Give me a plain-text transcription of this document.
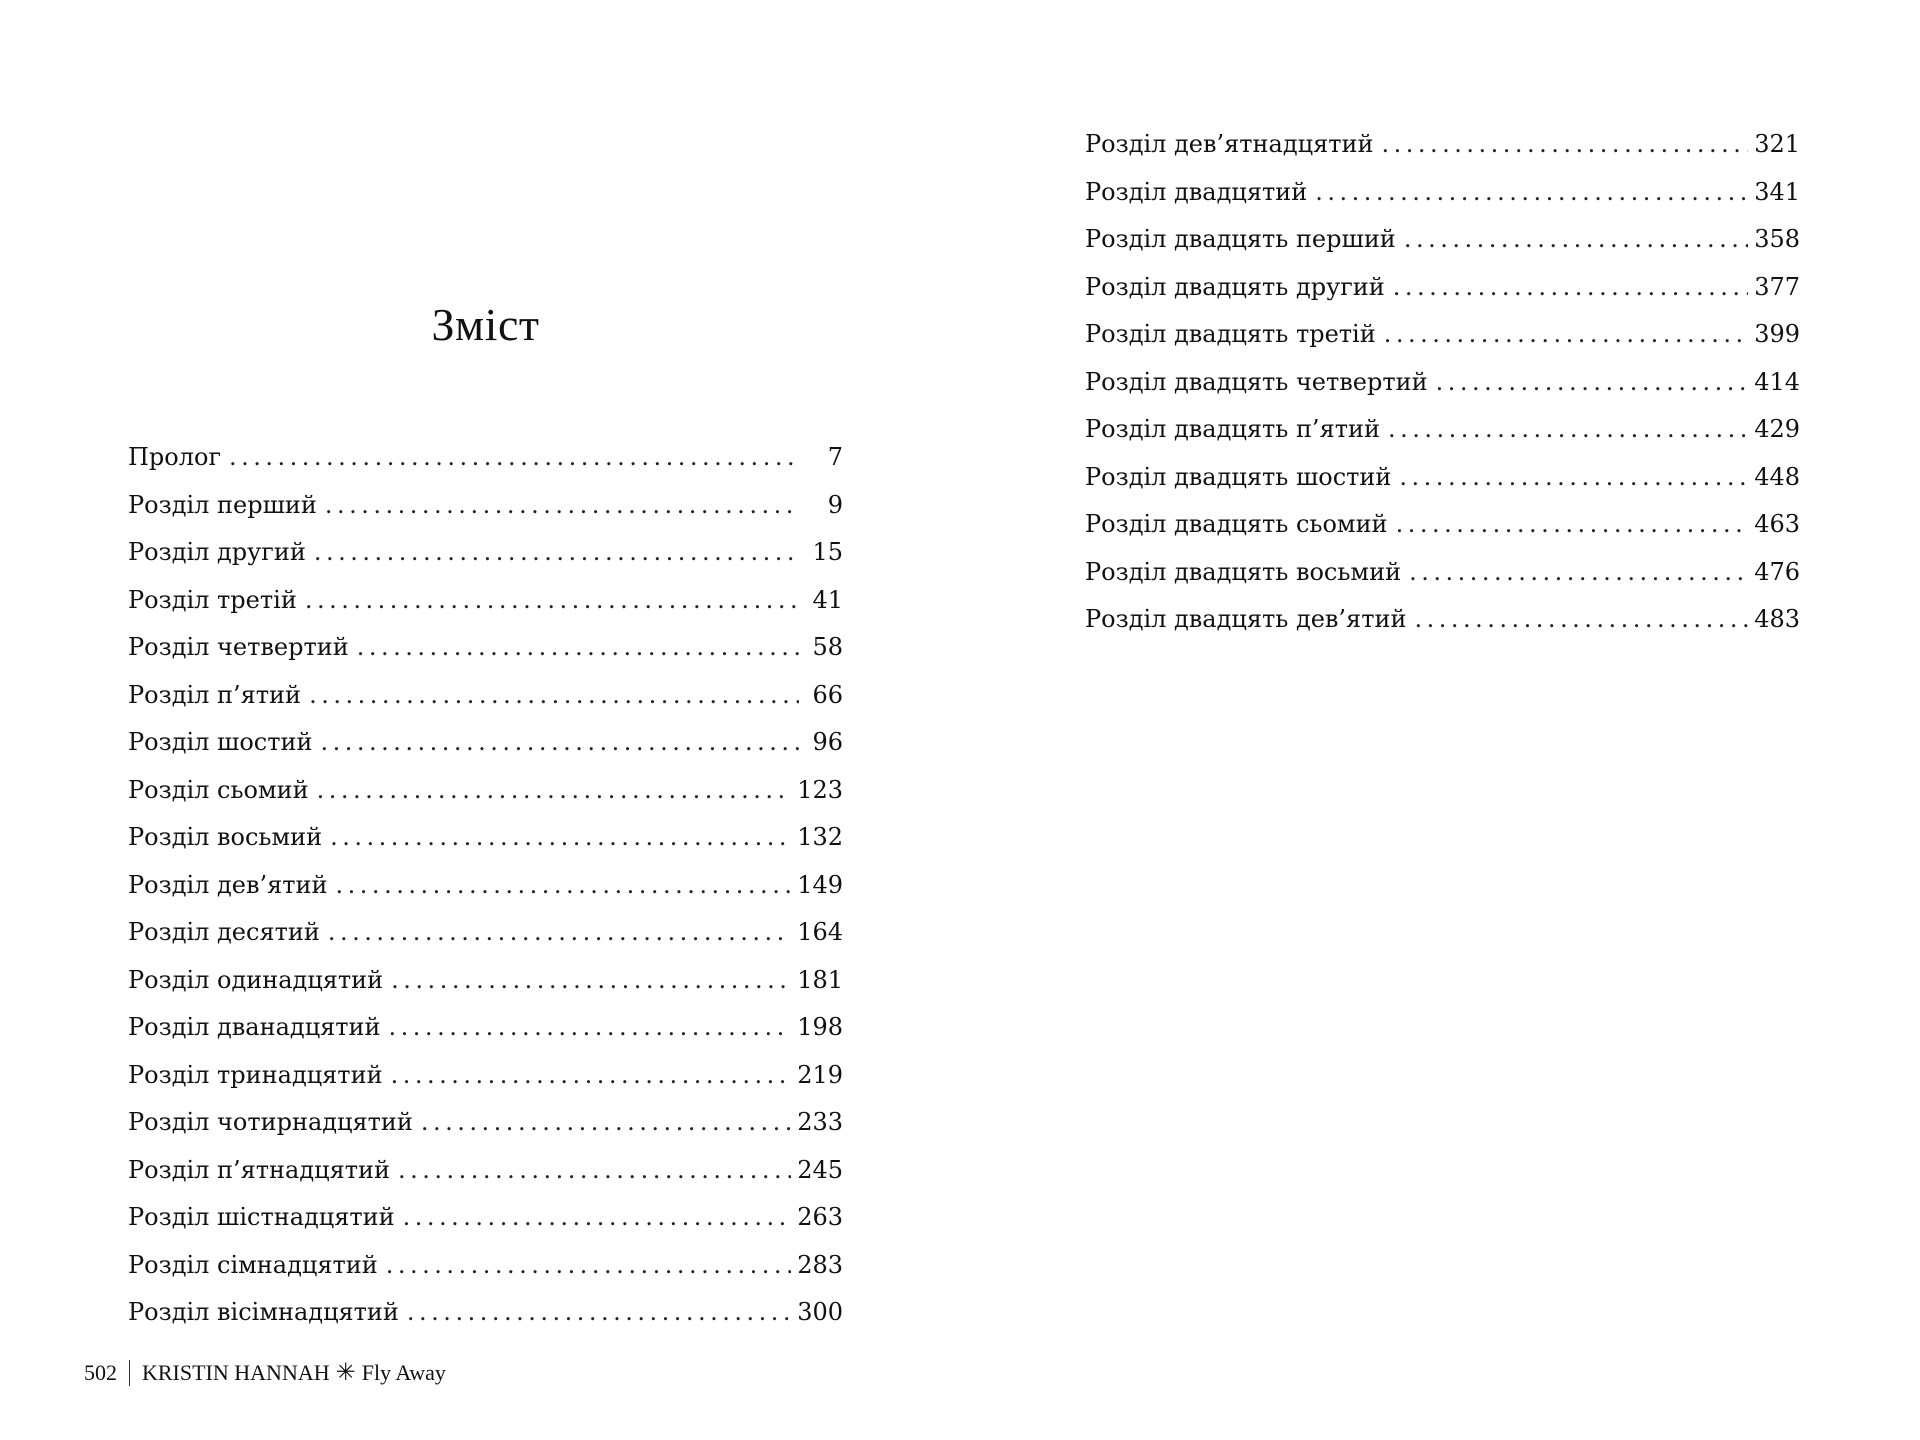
Зміст
Пролог .....	7
Розділ перший .....	9
Розділ другий .....	15
Розділ третій .....	41
Розділ четвертий .....	58
Розділ п’ятий .....	66
Розділ шостий .....	96
Розділ сьомий .....	123
Розділ восьмий .....	132
Розділ дев’ятий .....	149
Розділ десятий .....	164
Розділ одинадцятий .....	181
Розділ дванадцятий .....	198
Розділ тринадцятий .....	219
Розділ чотирнадцятий .....	233
Розділ п’ятнадцятий .....	245
Розділ шістнадцятий .....	263
Розділ сімнадцятий .....	283
Розділ вісімнадцятий .....	300
502 KRISTIN HANNAH ✳ Fly Away
Розділ дев’ятнадцятий .....	321
Розділ двадцятий .....	341
Розділ двадцять перший .....	358
Розділ двадцять другий .....	377
Розділ двадцять третій .....	399
Розділ двадцять четвертий .....	414
Розділ двадцять п’ятий .....	429
Розділ двадцять шостий .....	448
Розділ двадцять сьомий .....	463
Розділ двадцять восьмий .....	476
Розділ двадцять дев’ятий .....	483
